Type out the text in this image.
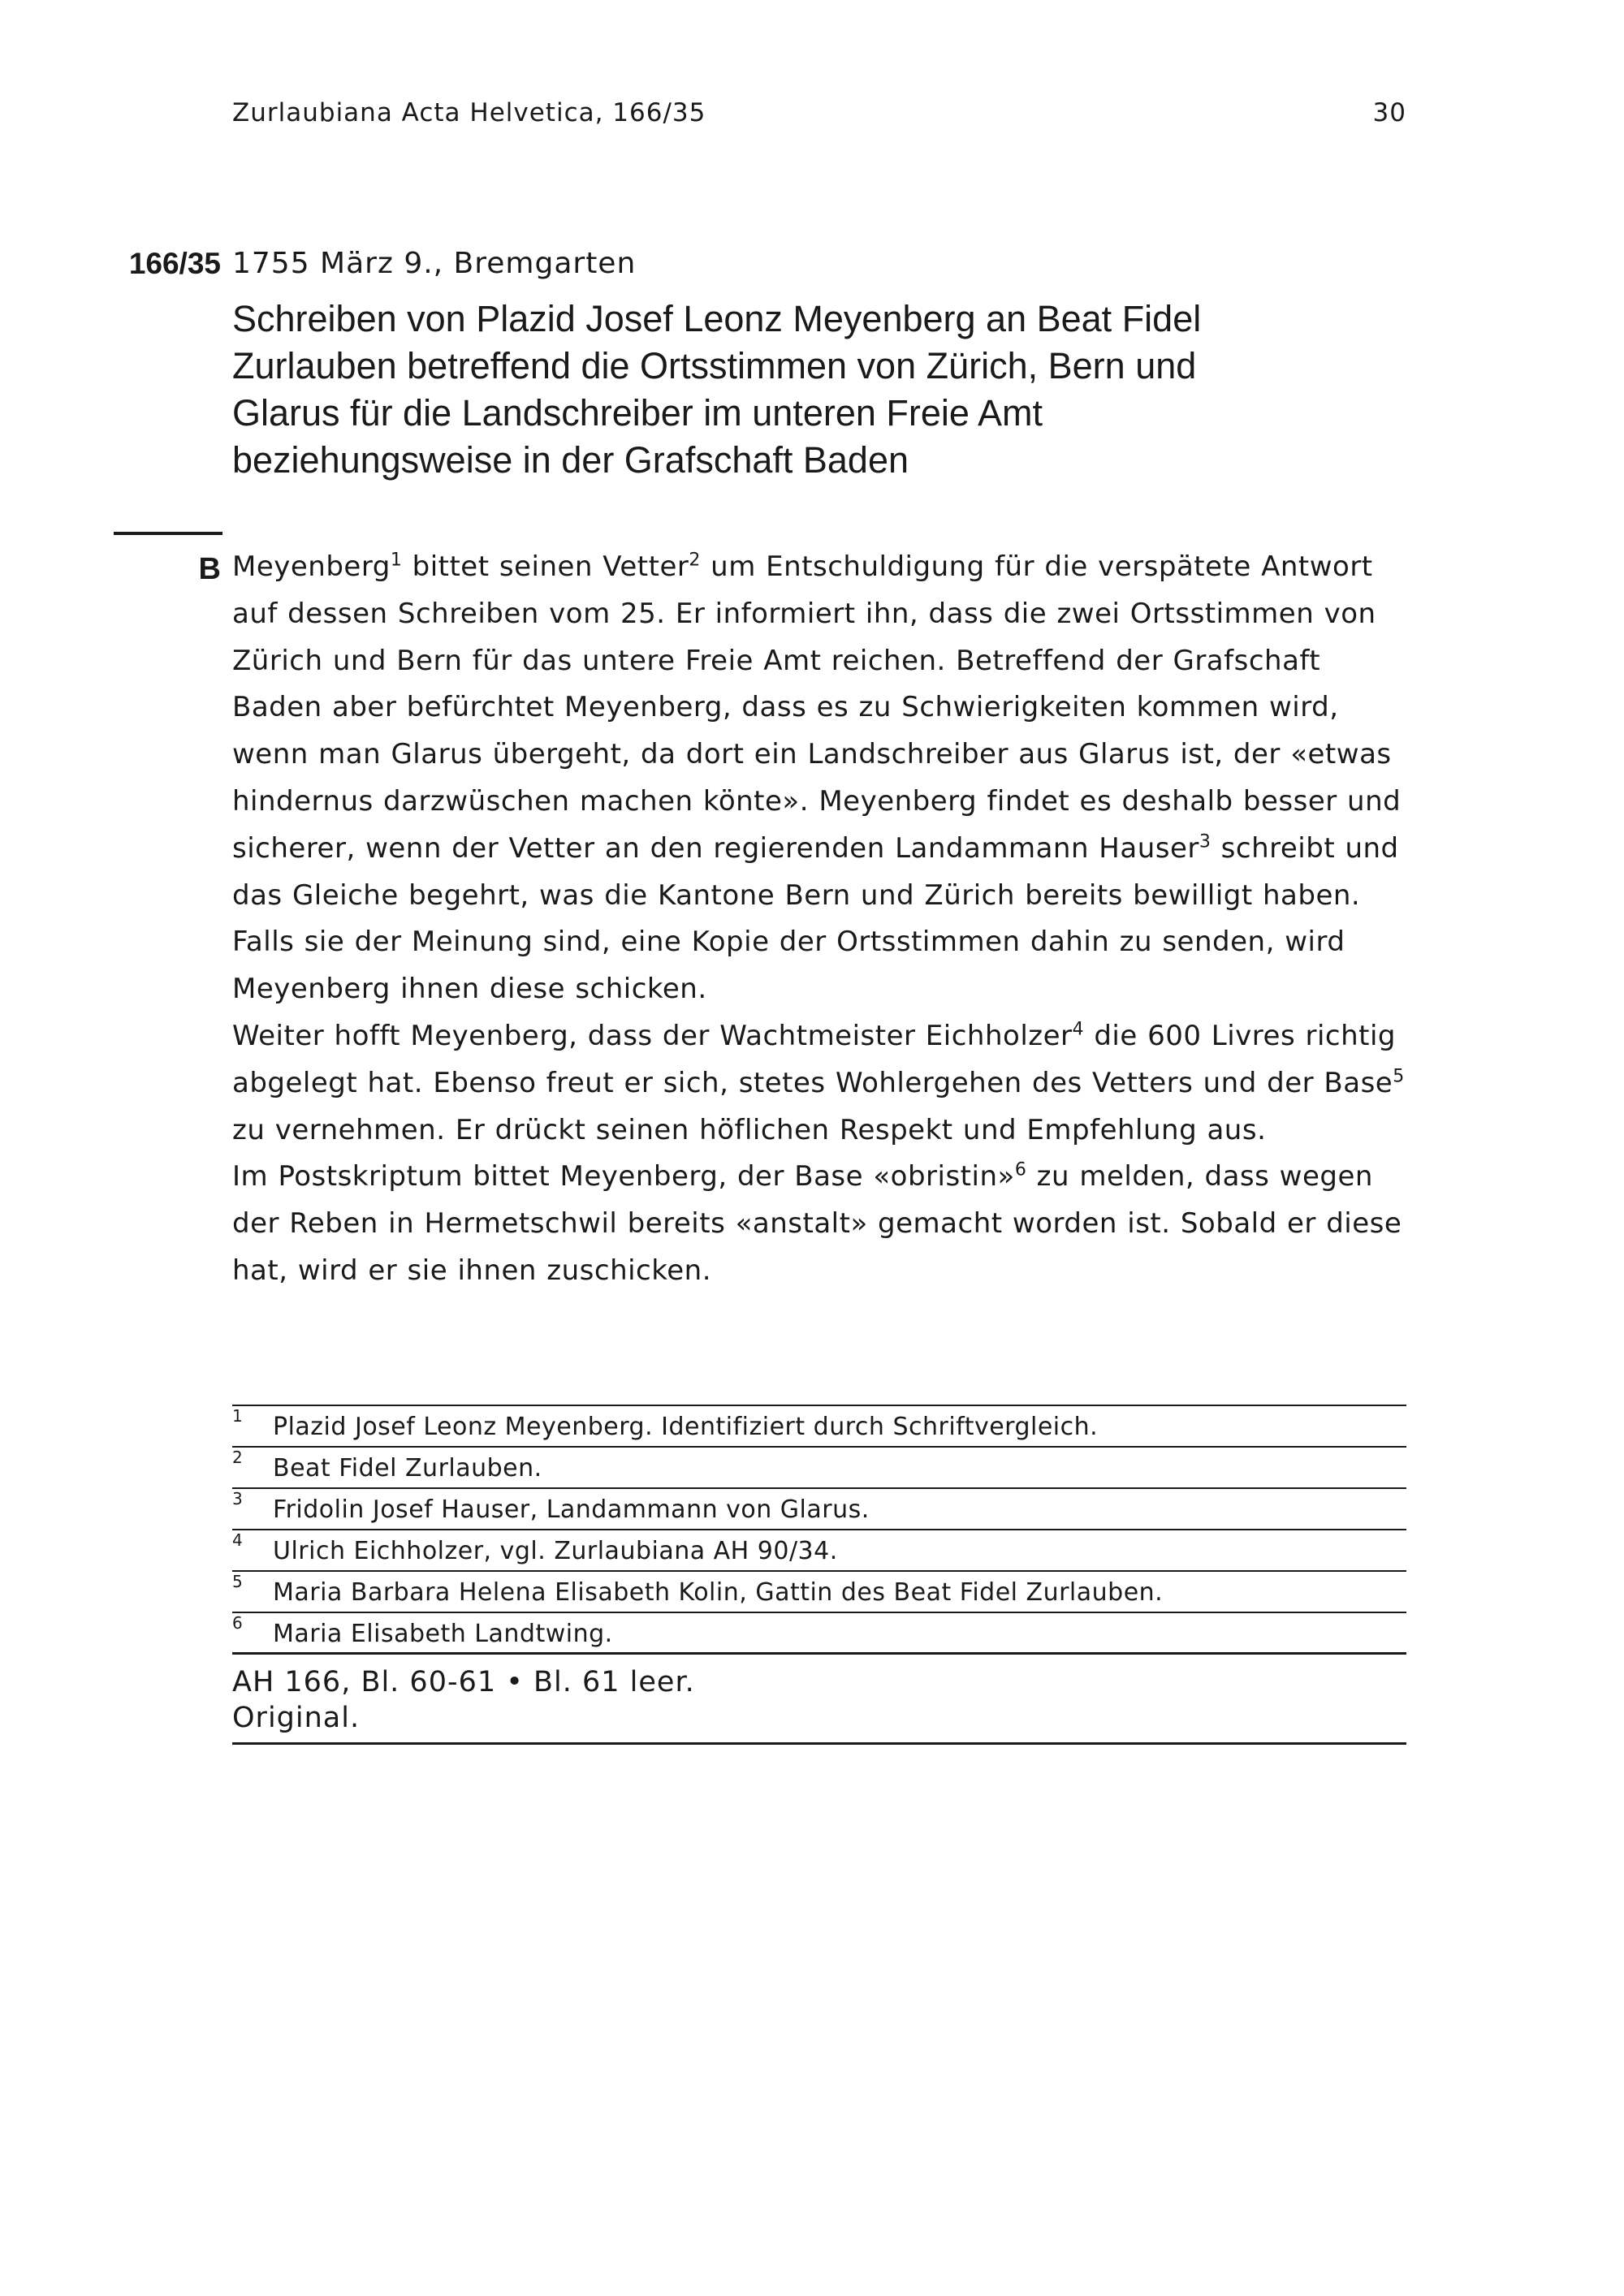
Zurlaubiana Acta Helvetica, 166/35	30
166/35 1755 März 9., Bremgarten
Schreiben von Plazid Josef Leonz Meyenberg an Beat Fidel Zurlauben betreffend die Ortsstimmen von Zürich, Bern und Glarus für die Landschreiber im unteren Freie Amt beziehungsweise in der Grafschaft Baden
B Meyenberg$^1$ bittet seinen Vetter$^2$ um Entschuldigung für die verspätete Antwort auf dessen Schreiben vom 25. Er informiert ihn, dass die zwei Ortsstimmen von Zürich und Bern für das untere Freie Amt reichen. Betreffend der Grafschaft Baden aber befürchtet Meyenberg, dass es zu Schwierigkeiten kommen wird, wenn man Glarus übergeht, da dort ein Landschreiber aus Glarus ist, der «etwas hindernus darzwüschen machen könte». Meyenberg findet es deshalb besser und sicherer, wenn der Vetter an den regierenden Landammann Hauser$^3$ schreibt und das Gleiche begehrt, was die Kantone Bern und Zürich bereits bewilligt haben. Falls sie der Meinung sind, eine Kopie der Ortsstimmen dahin zu senden, wird Meyenberg ihnen diese schicken.

Weiter hofft Meyenberg, dass der Wachtmeister Eichholzer$^4$ die 600 Livres richtig abgelegt hat. Ebenso freut er sich, stetes Wohlergehen des Vetters und der Base$^5$ zu vernehmen. Er drückt seinen höflichen Respekt und Empfehlung aus.

Im Postskriptum bittet Meyenberg, der Base «obristin»$^6$ zu melden, dass wegen der Reben in Hermetschwil bereits «anstalt» gemacht worden ist. Sobald er diese hat, wird er sie ihnen zuschicken.

1 Plazid Josef Leonz Meyenberg. Identifiziert durch Schriftvergleich.
2 Beat Fidel Zurlauben.
3 Fridolin Josef Hauser, Landammann von Glarus.
4 Ulrich Eichholzer, vgl. Zurlaubiana AH 90/34.
5 Maria Barbara Helena Elisabeth Kolin, Gattin des Beat Fidel Zurlauben.
6 Maria Elisabeth Landtwing.
AH 166, Bl. 60-61 • Bl. 61 leer.
Original.
